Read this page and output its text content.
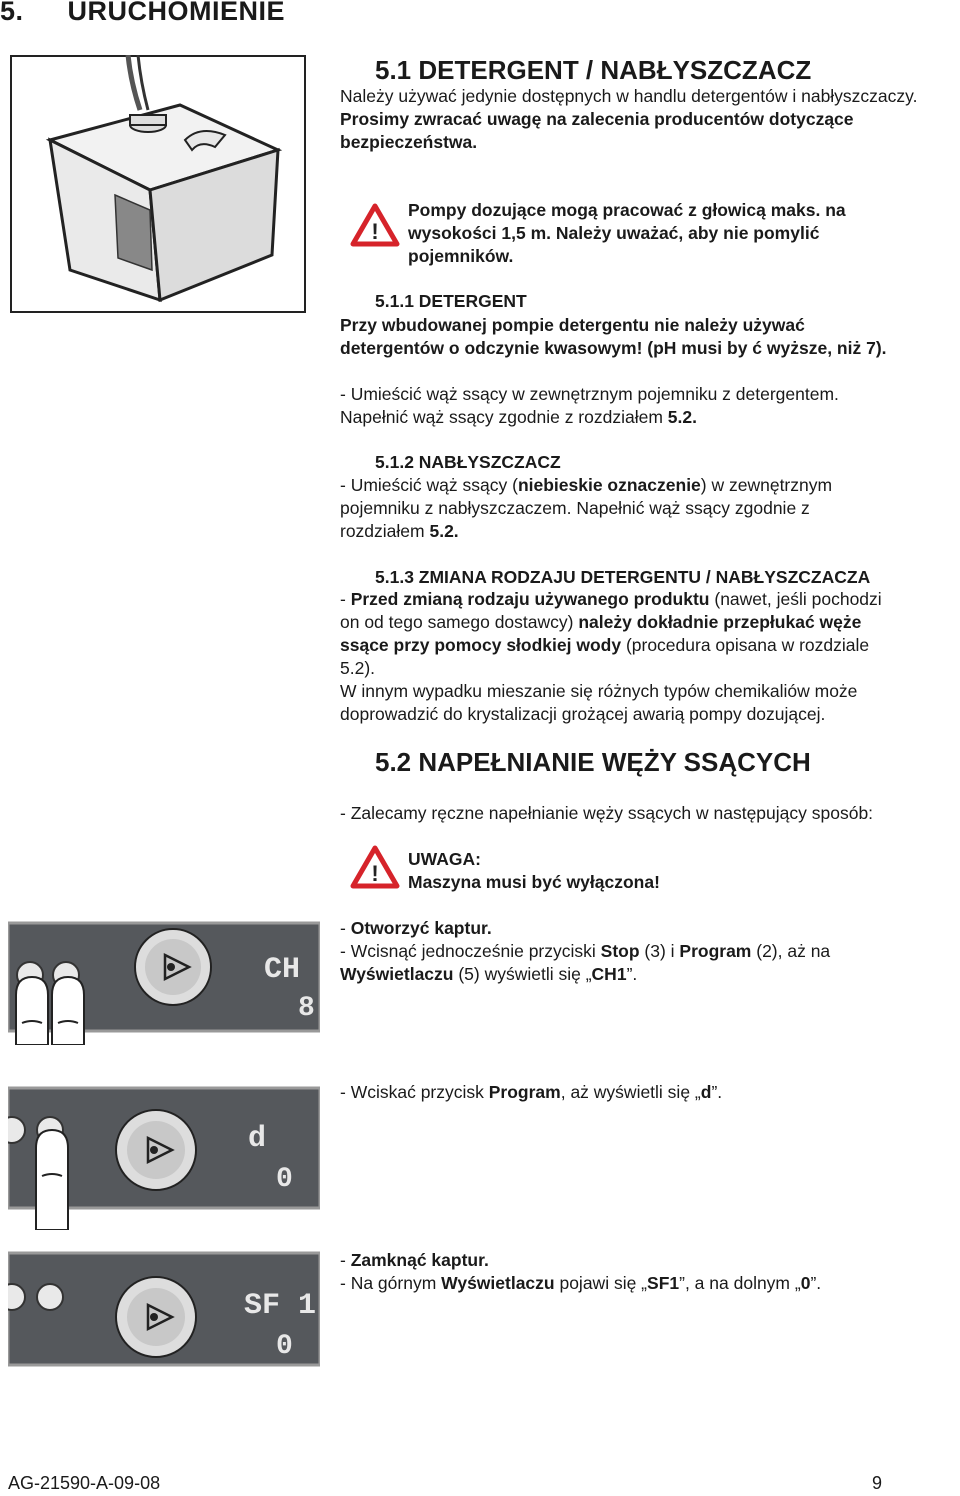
5. URUCHOMIENIE
5.1 DETERGENT / NABŁYSZCZACZ
Należy używać jedynie dostępnych w handlu detergentów i nabłyszczaczy. Prosimy zwracać uwagę na zalecenia producentów dotyczące bezpieczeństwa.
!
Pompy dozujące mogą pracować z głowicą maks. na
wysokości 1,5 m. Należy uważać, aby nie pomylić
pojemników.
5.1.1 DETERGENT
Przy wbudowanej pompie detergentu nie należy używać
detergentów o odczynie kwasowym! (pH musi by ć wyższe, niż 7).
- Umieścić wąż ssący w zewnętrznym pojemniku z detergentem.
Napełnić wąż ssący zgodnie z rozdziałem 5.2.
5.1.2 NABŁYSZCZACZ
- Umieścić wąż ssący (niebieskie oznaczenie) w zewnętrznym
pojemniku z nabłyszczaczem. Napełnić wąż ssący zgodnie z
rozdziałem 5.2.
5.1.3 ZMIANA RODZAJU DETERGENTU / NABŁYSZCZACZA
- Przed zmianą rodzaju używanego produktu (nawet, jeśli pochodzi
on od tego samego dostawcy) należy dokładnie przepłukać węże
ssące przy pomocy słodkiej wody (procedura opisana w rozdziale
5.2).
W innym wypadku mieszanie się różnych typów chemikaliów może
doprowadzić do krystalizacji grożącej awarią pompy dozującej.
5.2 NAPEŁNIANIE WĘŻY SSĄCYCH
- Zalecamy ręczne napełnianie węży ssących w następujący sposób:
!
UWAGA:
Maszyna musi być wyłączona!
CH
8
- Otworzyć kaptur.
- Wcisnąć jednocześnie przyciski Stop (3) i Program (2), aż na
Wyświetlaczu (5) wyświetli się „CH1”.
d
0
- Wciskać przycisk Program, aż wyświetli się „d”.
SF 1
0
- Zamknąć kaptur.
- Na górnym Wyświetlaczu pojawi się „SF1”, a na dolnym „0”.
AG-21590-A-09-08	9
